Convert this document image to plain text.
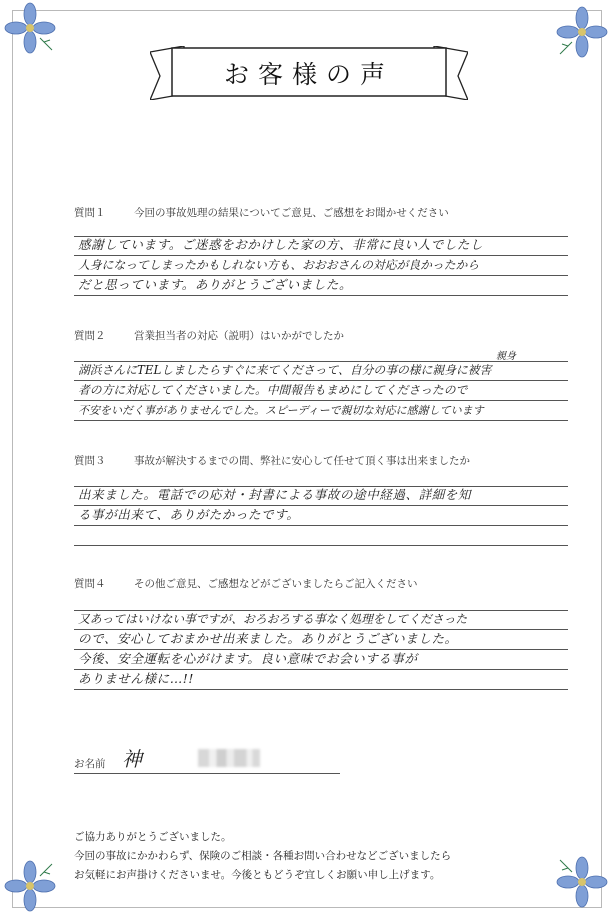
お客様の声
質問１	今回の事故処理の結果についてご意見、ご感想をお聞かせください
感謝しています。ご迷惑をおかけした家の方、非常に良い人でしたし
人身になってしまったかもしれない方も、おおおさんの対応が良かったから
だと思っています。ありがとうございました。
質問２	営業担当者の対応（説明）はいかがでしたか
親身
湖浜さんにTELしましたらすぐに来てくださって、自分の事の様に親身に被害
者の方に対応してくださいました。中間報告もまめにしてくださったので
不安をいだく事がありませんでした。スピーディーで親切な対応に感謝しています
質問３	事故が解決するまでの間、弊社に安心して任せて頂く事は出来ましたか
出来ました。電話での応対・封書による事故の途中経過、詳細を知
る事が出来て、ありがたかったです。
質問４	その他ご意見、ご感想などがございましたらご記入ください
又あってはいけない事ですが、おろおろする事なく処理をしてくださった
ので、安心しておまかせ出来ました。ありがとうございました。
今後、安全運転を心がけます。良い意味でお会いする事が
ありません様に…!!
お名前 神
ご協力ありがとうございました。
今回の事故にかかわらず、保険のご相談・各種お問い合わせなどございましたら
お気軽にお声掛けくださいませ。今後ともどうぞ宜しくお願い申し上げます。
